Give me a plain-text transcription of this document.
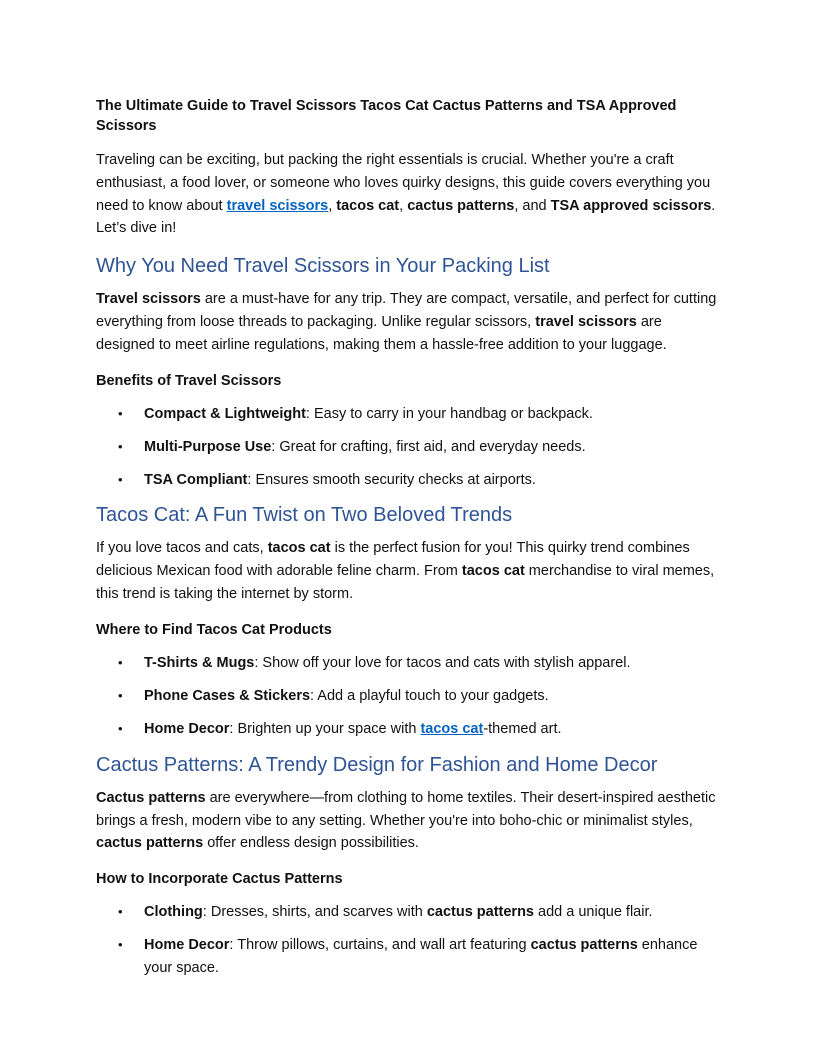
The Ultimate Guide to Travel Scissors Tacos Cat Cactus Patterns and TSA Approved Scissors

Traveling can be exciting, but packing the right essentials is crucial. Whether you're a craft enthusiast, a food lover, or someone who loves quirky designs, this guide covers everything you need to know about travel scissors, tacos cat, cactus patterns, and TSA approved scissors. Let’s dive in!

Why You Need Travel Scissors in Your Packing List

Travel scissors are a must-have for any trip. They are compact, versatile, and perfect for cutting everything from loose threads to packaging. Unlike regular scissors, travel scissors are designed to meet airline regulations, making them a hassle-free addition to your luggage.

Benefits of Travel Scissors
• Compact & Lightweight: Easy to carry in your handbag or backpack.
• Multi-Purpose Use: Great for crafting, first aid, and everyday needs.
• TSA Compliant: Ensures smooth security checks at airports.
Tacos Cat: A Fun Twist on Two Beloved Trends

If you love tacos and cats, tacos cat is the perfect fusion for you! This quirky trend combines delicious Mexican food with adorable feline charm. From tacos cat merchandise to viral memes, this trend is taking the internet by storm.

Where to Find Tacos Cat Products
• T-Shirts & Mugs: Show off your love for tacos and cats with stylish apparel.
• Phone Cases & Stickers: Add a playful touch to your gadgets.
• Home Decor: Brighten up your space with tacos cat-themed art.
Cactus Patterns: A Trendy Design for Fashion and Home Decor

Cactus patterns are everywhere—from clothing to home textiles. Their desert-inspired aesthetic brings a fresh, modern vibe to any setting. Whether you're into boho-chic or minimalist styles, cactus patterns offer endless design possibilities.

How to Incorporate Cactus Patterns
• Clothing: Dresses, shirts, and scarves with cactus patterns add a unique flair.
• Home Decor: Throw pillows, curtains, and wall art featuring cactus patterns enhance your space.
